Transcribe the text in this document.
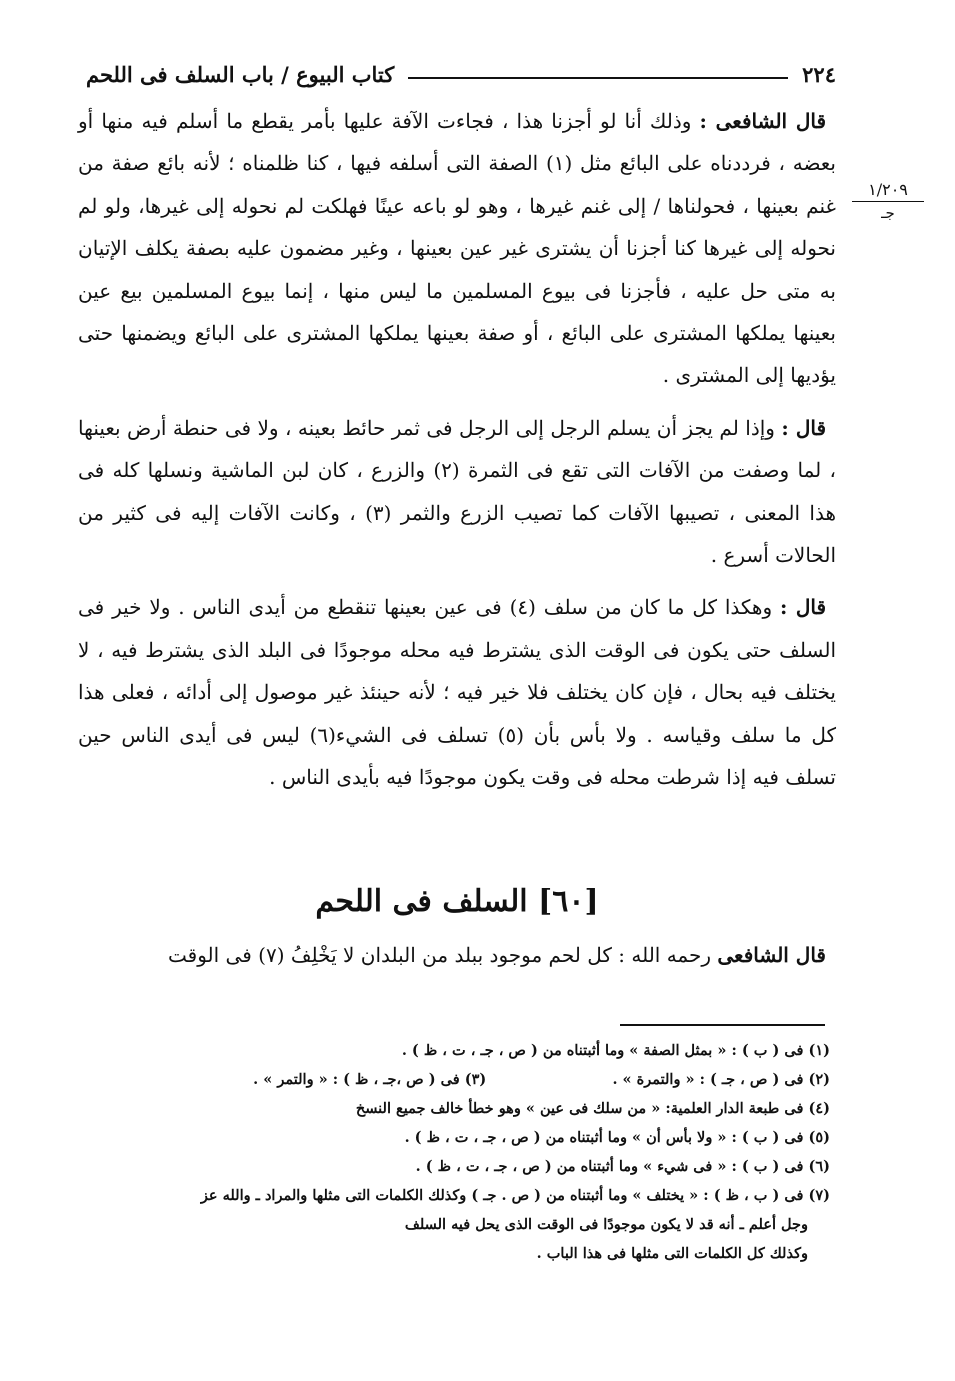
٢٢٤
كتاب البيوع / باب السلف فى اللحم
١/٢٠٩
جـ

قال الشافعى : وذلك أنا لو أجزنا هذا ، فجاءت الآفة عليها بأمر يقطع ما أسلم فيه منها أو بعضه ، فرددناه على البائع مثل (١) الصفة التى أسلفه فيها ، كنا ظلمناه ؛ لأنه بائع صفة من غنم بعينها ، فحولناها / إلى غنم غيرها ، وهو لو باعه عينًا فهلكت لم نحوله إلى غيرها، ولو لم نحوله إلى غيرها كنا أجزنا أن يشترى غير عين بعينها ، وغير مضمون عليه بصفة يكلف الإتيان به متى حل عليه ، فأجزنا فى بيوع المسلمين ما ليس منها ، إنما بيوع المسلمين بيع عين بعينها يملكها المشترى على البائع ، أو صفة بعينها يملكها المشترى على البائع ويضمنها حتى يؤديها إلى المشترى .

قال : وإذا لم يجز أن يسلم الرجل إلى الرجل فى ثمر حائط بعينه ، ولا فى حنطة أرض بعينها ، لما وصفت من الآفات التى تقع فى الثمرة (٢) والزرع ، كان لبن الماشية ونسلها كله فى هذا المعنى ، تصيبها الآفات كما تصيب الزرع والثمر (٣) ، وكانت الآفات إليه فى كثير من الحالات أسرع .

قال : وهكذا كل ما كان من سلف (٤) فى عين بعينها تنقطع من أيدى الناس . ولا خير فى السلف حتى يكون فى الوقت الذى يشترط فيه محله موجودًا فى البلد الذى يشترط فيه ، لا يختلف فيه بحال ، فإن كان يختلف فلا خير فيه ؛ لأنه حينئذ غير موصول إلى أدائه ، فعلى هذا كل ما سلف وقياسه . ولا بأس بأن (٥) تسلف فى الشيء(٦) ليس فى أيدى الناس حين تسلف فيه إذا شرطت محله فى وقت يكون موجودًا فيه بأيدى الناس .

[٦٠] السلف فى اللحم
قال الشافعى رحمه الله : كل لحم موجود ببلد من البلدان لا يَخْلِفُ (٧) فى الوقت

(١) فى ( ب ) : « بمثل الصفة » وما أثبتناه من ( ص ، جـ ، ت ، ظ ) .

(٢) فى ( ص ، جـ ) : « والتمرة » .                         (٣) فى ( ص ،جـ ، ظ ) : « والتمر » .

(٤) فى طبعة الدار العلمية: « من سلك فى عين » وهو خطأ خالف جميع النسخ

(٥) فى ( ب ) : « ولا بأس أن » وما أثبتناه من ( ص ، جـ ، ت ، ظ ) .

(٦) فى ( ب ) : « فى شيء » وما أثبتناه من ( ص ، جـ ، ت ، ظ ) .

(٧) فى ( ب ، ظ ) : « يختلف » وما أثبتناه من ( ص . جـ ) وكذلك الكلمات التى مثلها والمراد ـ والله عز

وجل أعلم ـ أنه قد لا يكون موجودًا فى الوقت الذى يحل فيه السلف

وكذلك كل الكلمات التى مثلها فى هذا الباب .
